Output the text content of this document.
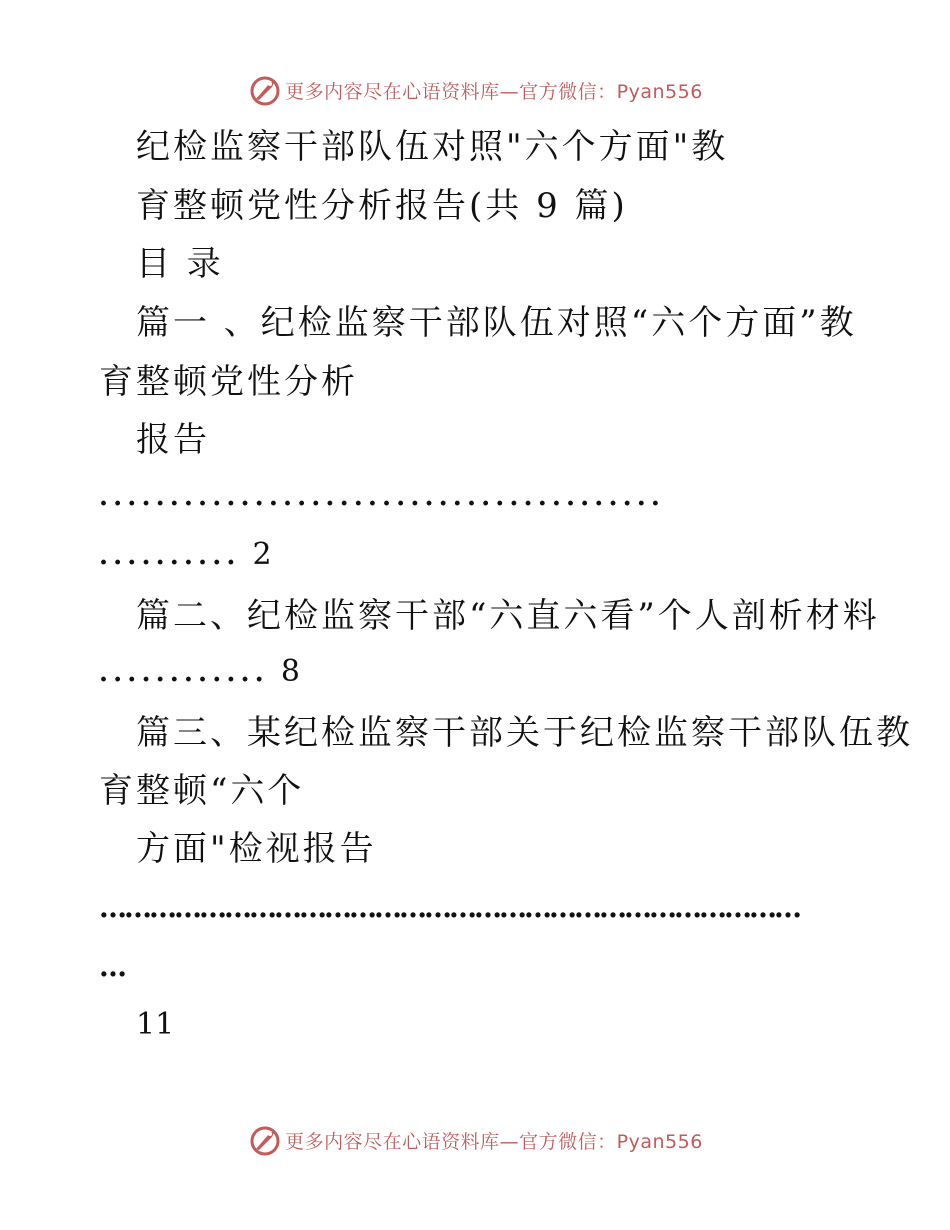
更多内容尽在心语资料库—官方微信：Pyan556
纪检监察干部队伍对照"六个方面"教
育整顿党性分析报告(共 9 篇)
目 录
篇一 、纪检监察干部队伍对照“六个方面”教
育整顿党性分析
报告
........................................
.......... 2
篇二、纪检监察干部“六直六看”个人剖析材料
............ 8
篇三、某纪检监察干部关于纪检监察干部队伍教
育整顿“六个
方面"检视报告
…………………………………………………………………………
…
11
更多内容尽在心语资料库—官方微信：Pyan556
